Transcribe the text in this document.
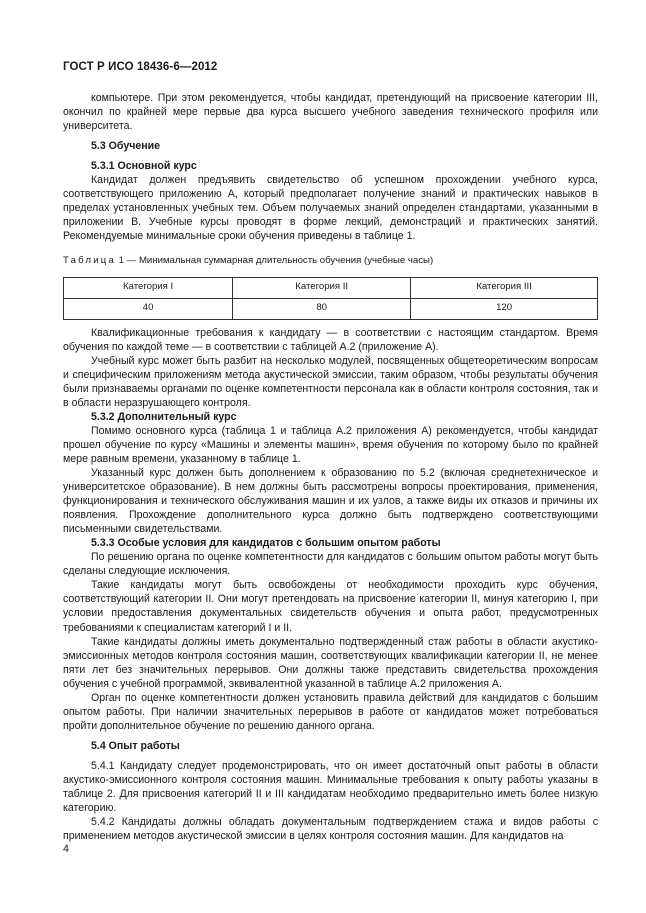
ГОСТ Р ИСО 18436-6—2012

компьютере. При этом рекомендуется, чтобы кандидат, претендующий на присвоение категории III, окончил по крайней мере первые два курса высшего учебного заведения технического профиля или университета.

5.3 Обучение

5.3.1 Основной курс

Кандидат должен предъявить свидетельство об успешном прохождении учебного курса, соответствующего приложению А, который предполагает получение знаний и практических навыков в пределах установленных учебных тем. Объем получаемых знаний определен стандартами, указанными в приложении В. Учебные курсы проводят в форме лекций, демонстраций и практических занятий. Рекомендуемые минимальные сроки обучения приведены в таблице 1.

Таблица 1 — Минимальная суммарная длительность обучения (учебные часы)

Категория I	Категория II	Категория III
40	80	120

Квалификационные требования к кандидату — в соответствии с настоящим стандартом. Время обучения по каждой теме — в соответствии с таблицей А.2 (приложение А).

Учебный курс может быть разбит на несколько модулей, посвященных общетеоретическим вопросам и специфическим приложениям метода акустической эмиссии, таким образом, чтобы результаты обучения были признаваемы органами по оценке компетентности персонала как в области контроля состояния, так и в области неразрушающего контроля.

5.3.2 Дополнительный курс

Помимо основного курса (таблица 1 и таблица А.2 приложения А) рекомендуется, чтобы кандидат прошел обучение по курсу «Машины и элементы машин», время обучения по которому было по крайней мере равным времени, указанному в таблице 1.

Указанный курс должен быть дополнением к образованию по 5.2 (включая среднетехническое и университетское образование). В нем должны быть рассмотрены вопросы проектирования, применения, функционирования и технического обслуживания машин и их узлов, а также виды их отказов и причины их появления. Прохождение дополнительного курса должно быть подтверждено соответствующими письменными свидетельствами.

5.3.3 Особые условия для кандидатов с большим опытом работы

По решению органа по оценке компетентности для кандидатов с большим опытом работы могут быть сделаны следующие исключения.

Такие кандидаты могут быть освобождены от необходимости проходить курс обучения, соответствующий категории II. Они могут претендовать на присвоение категории II, минуя категорию I, при условии предоставления документальных свидетельств обучения и опыта работ, предусмотренных требованиями к специалистам категорий I и II.

Такие кандидаты должны иметь документально подтвержденный стаж работы в области акустико-эмиссионных методов контроля состояния машин, соответствующих квалификации категории II, не менее пяти лет без значительных перерывов. Они должны также представить свидетельства прохождения обучения с учебной программой, эквивалентной указанной в таблице А.2 приложения А.

Орган по оценке компетентности должен установить правила действий для кандидатов с большим опытом работы. При наличии значительных перерывов в работе от кандидатов может потребоваться пройти дополнительное обучение по решению данного органа.

5.4 Опыт работы

5.4.1 Кандидату следует продемонстрировать, что он имеет достаточный опыт работы в области акустико-эмиссионного контроля состояния машин. Минимальные требования к опыту работы указаны в таблице 2. Для присвоения категорий II и III кандидатам необходимо предварительно иметь более низкую категорию.

5.4.2 Кандидаты должны обладать документальным подтверждением стажа и видов работы с применением методов акустической эмиссии в целях контроля состояния машин. Для кандидатов на

4
